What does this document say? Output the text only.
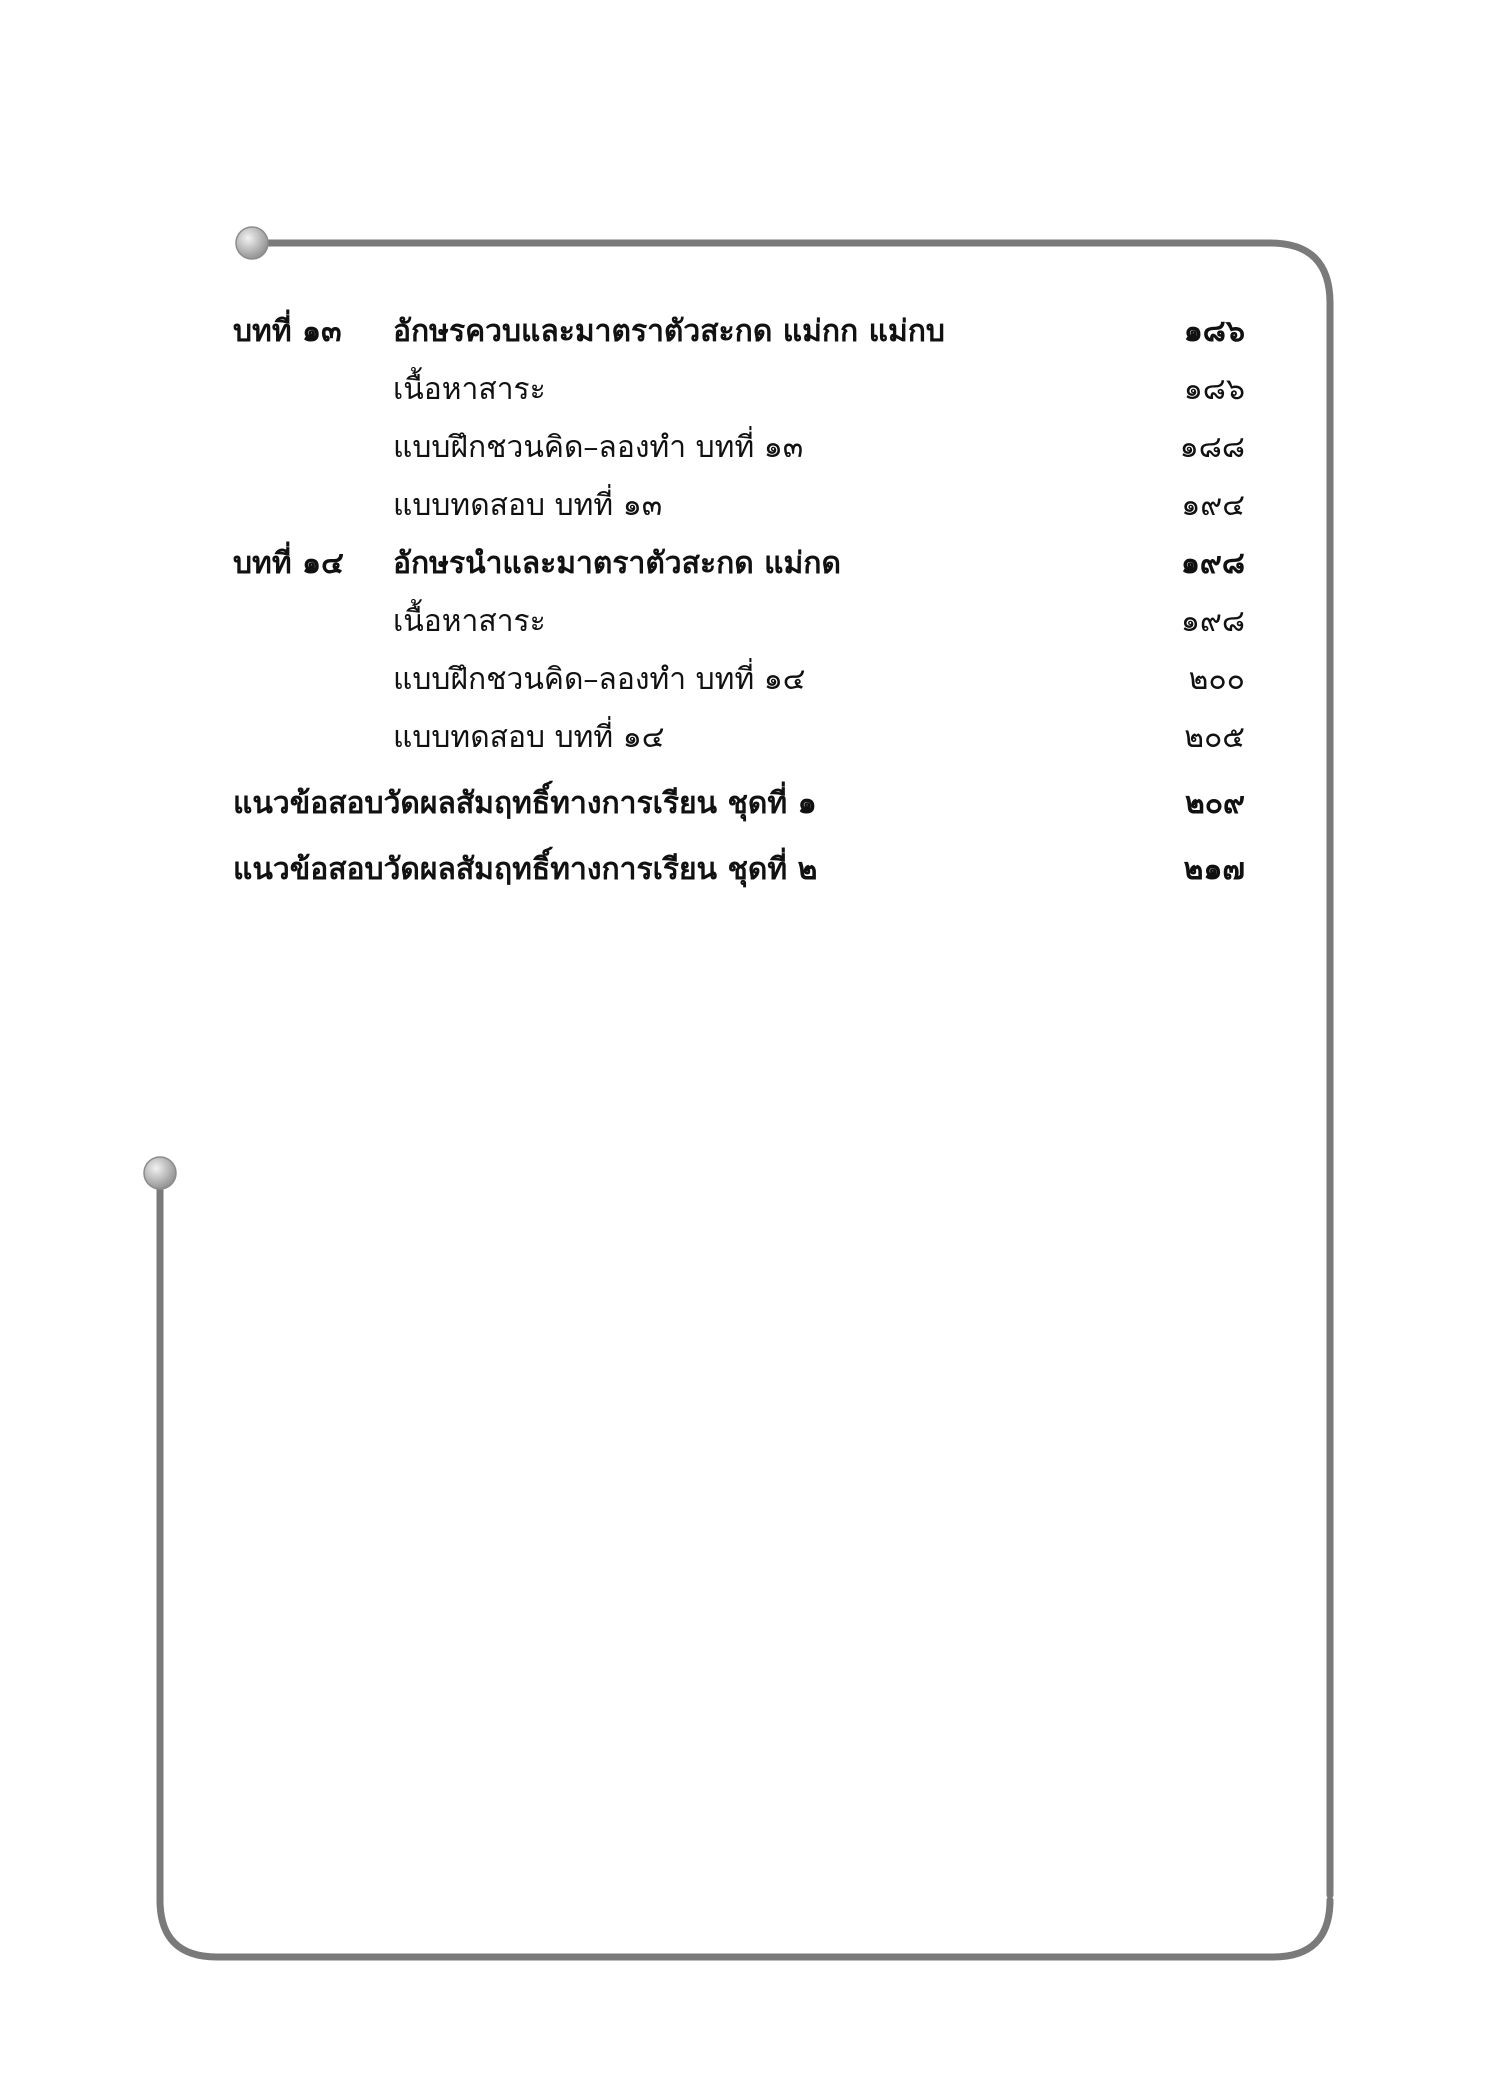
บทที่ ๑๓ อักษรควบและมาตราตัวสะกด แม่กก แม่กบ	๑๘๖
เนื้อหาสาระ	๑๘๖
แบบฝึกชวนคิด–ลองทำ บทที่ ๑๓	๑๘๘
แบบทดสอบ บทที่ ๑๓	๑๙๔
บทที่ ๑๔ อักษรนำและมาตราตัวสะกด แม่กด	๑๙๘
เนื้อหาสาระ	๑๙๘
แบบฝึกชวนคิด–ลองทำ บทที่ ๑๔	๒๐๐
แบบทดสอบ บทที่ ๑๔	๒๐๕
แนวข้อสอบวัดผลสัมฤทธิ์ทางการเรียน ชุดที่ ๑	๒๐๙
แนวข้อสอบวัดผลสัมฤทธิ์ทางการเรียน ชุดที่ ๒	๒๑๗
